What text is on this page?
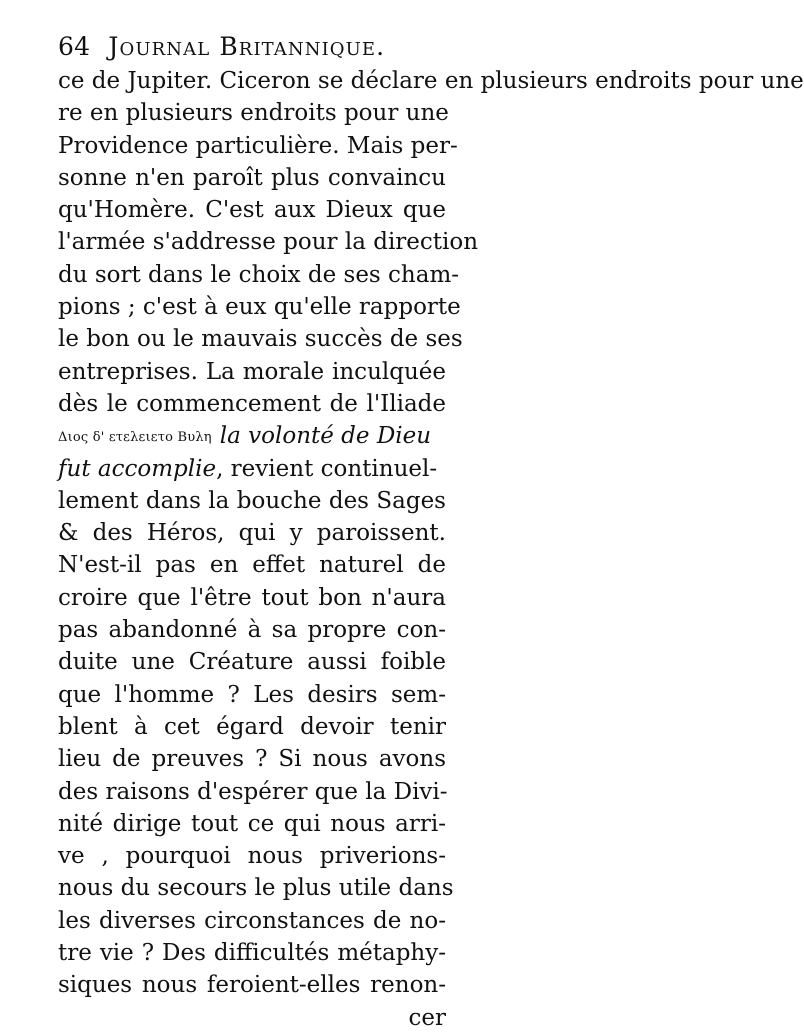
64 Journal Britannique.
ce de Jupiter. Ciceron se déclare en plusieurs endroits pour une
re en plusieurs endroits pour une
Providence particulière. Mais per-
sonne n'en paroît plus convaincu
qu'Homère. C'est aux Dieux que
l'armée s'addresse pour la direction
du sort dans le choix de ses cham-
pions ; c'est à eux qu'elle rapporte
le bon ou le mauvais succès de ses
entreprises. La morale inculquée
dès le commencement de l'Iliade
Διος δ' ετελειετο Βυλη la volonté de Dieu
fut accomplie, revient continuel-
lement dans la bouche des Sages
& des Héros, qui y paroissent.
N'est-il pas en effet naturel de
croire que l'être tout bon n'aura
pas abandonné à sa propre con-
duite une Créature aussi foible
que l'homme ? Les desirs sem-
blent à cet égard devoir tenir
lieu de preuves ? Si nous avons
des raisons d'espérer que la Divi-
nité dirige tout ce qui nous arri-
ve , pourquoi nous priverions-
nous du secours le plus utile dans
les diverses circonstances de no-
tre vie ? Des difficultés métaphy-
siques nous feroient-elles renon-
cer
